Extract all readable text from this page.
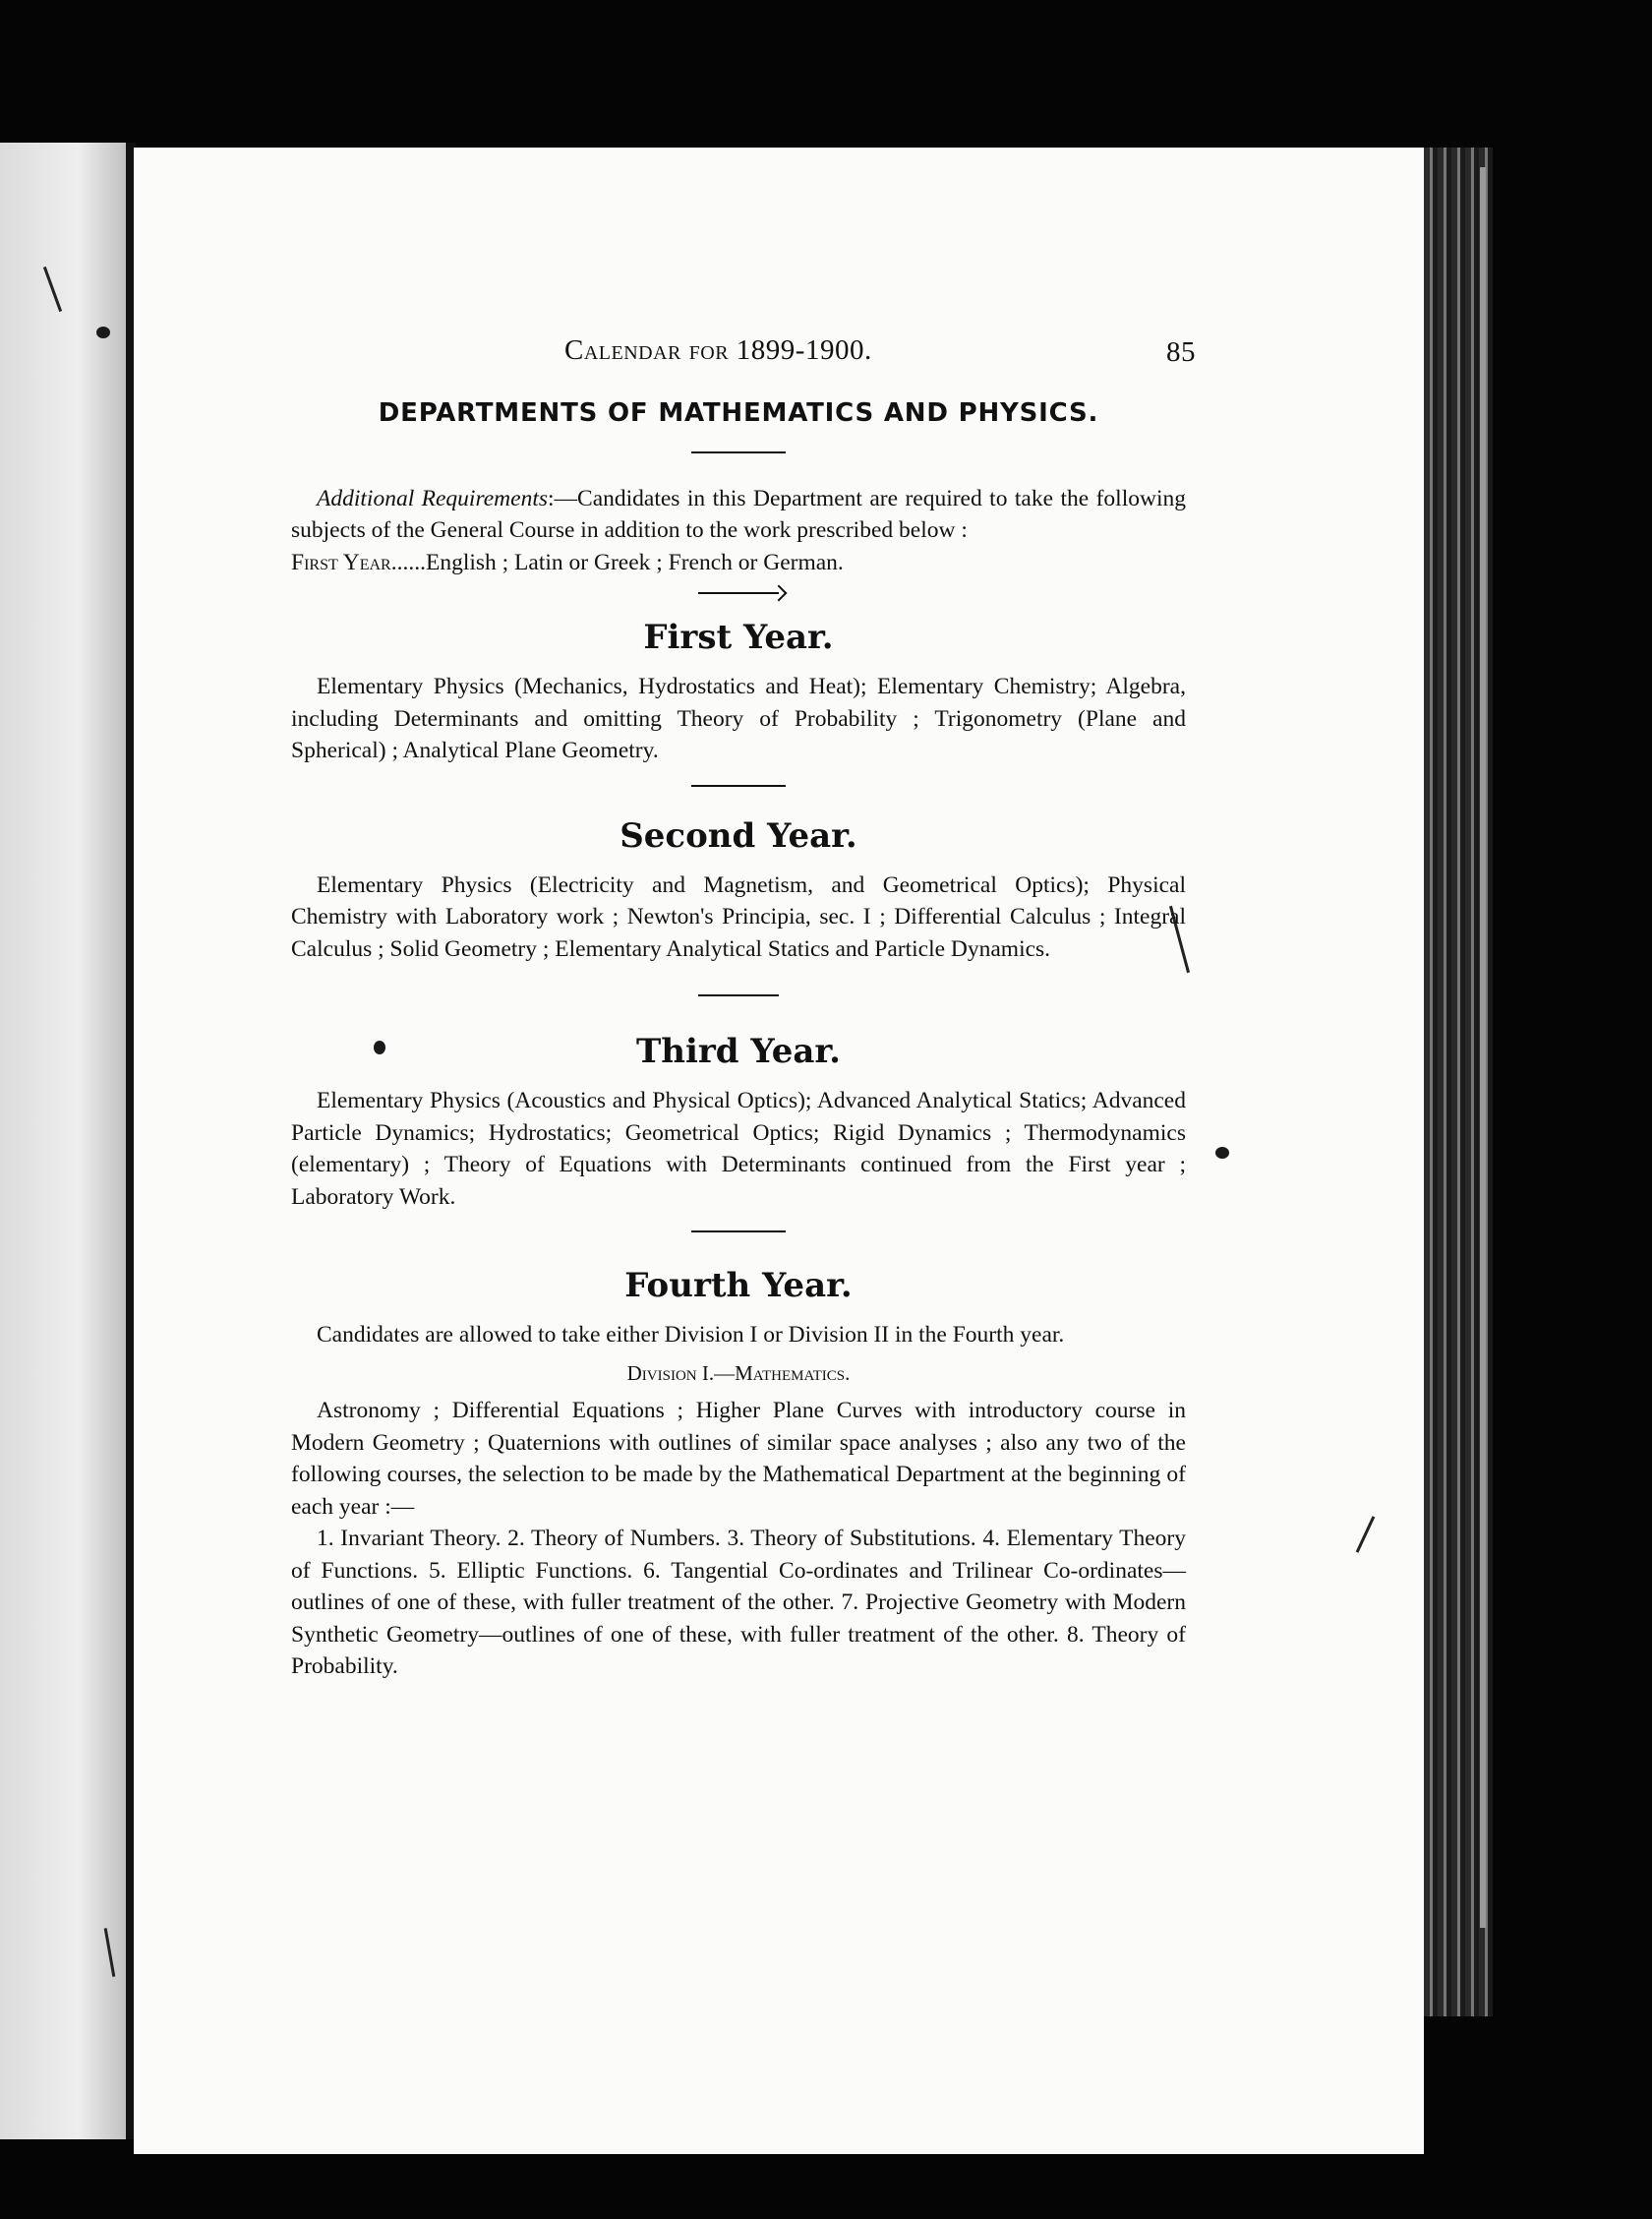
Calendar for 1899-1900.	85
DEPARTMENTS OF MATHEMATICS AND PHYSICS.

Additional Requirements:—Candidates in this Department are required to take the following subjects of the General Course in addition to the work prescribed below :

First Year......English ; Latin or Greek ; French or German.

First Year.

Elementary Physics (Mechanics, Hydrostatics and Heat); Elementary Chemistry; Algebra, including Determinants and omitting Theory of Probability ; Trigonometry (Plane and Spherical) ; Analytical Plane Geometry.

Second Year.

Elementary Physics (Electricity and Magnetism, and Geometrical Optics); Physical Chemistry with Laboratory work ; Newton's Principia, sec. I ; Differential Calculus ; Integral Calculus ; Solid Geometry ; Elementary Analytical Statics and Particle Dynamics.

Third Year.

Elementary Physics (Acoustics and Physical Optics); Advanced Analytical Statics; Advanced Particle Dynamics; Hydrostatics; Geometrical Optics; Rigid Dynamics ; Thermodynamics (elementary) ; Theory of Equations with Determinants continued from the First year ; Laboratory Work.

Fourth Year.

Candidates are allowed to take either Division I or Division II in the Fourth year.

Division I.—Mathematics.

Astronomy ; Differential Equations ; Higher Plane Curves with introductory course in Modern Geometry ; Quaternions with outlines of similar space analyses ; also any two of the following courses, the selection to be made by the Mathematical Department at the beginning of each year :—

1. Invariant Theory. 2. Theory of Numbers. 3. Theory of Substitutions. 4. Elementary Theory of Functions. 5. Elliptic Functions. 6. Tangential Co-ordinates and Trilinear Co-ordinates—outlines of one of these, with fuller treatment of the other. 7. Projective Geometry with Modern Synthetic Geometry—outlines of one of these, with fuller treatment of the other. 8. Theory of Probability.
